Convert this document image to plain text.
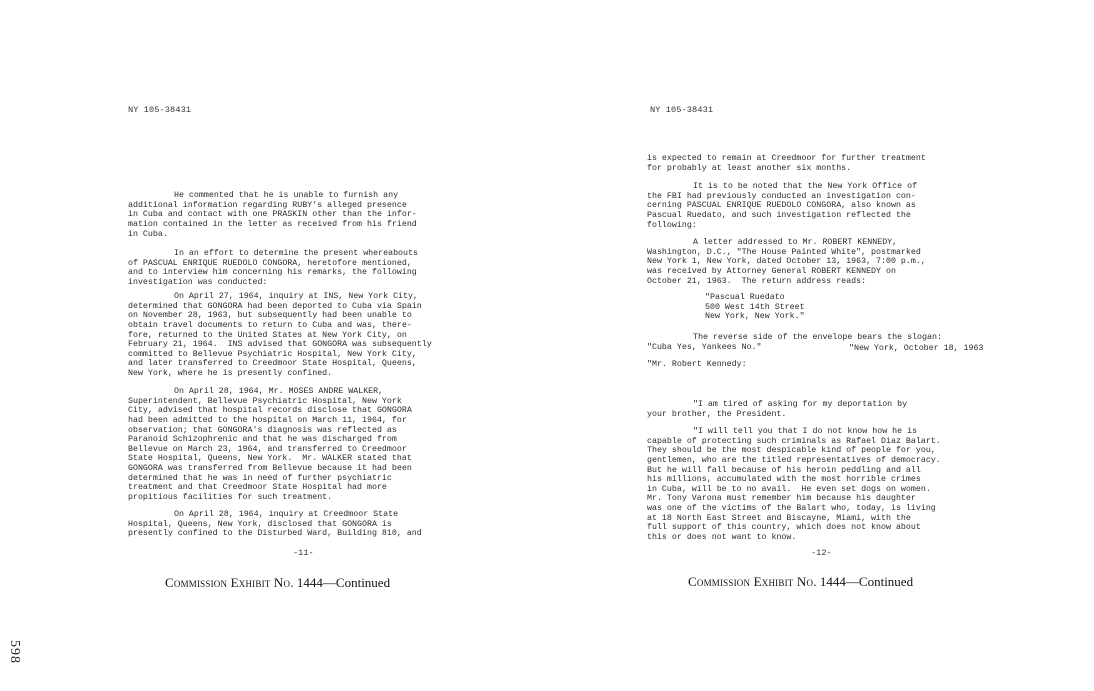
598
NY 105-38431

He commented that he is unable to furnish any
additional information regarding RUBY's alleged presence
in Cuba and contact with one PRASKIN other than the infor-
mation contained in the letter as received from his friend
in Cuba.

In an effort to determine the present whereabouts
of PASCUAL ENRIQUE RUEDOLO CONGORA, heretofore mentioned,
and to interview him concerning his remarks, the following
investigation was conducted:

On April 27, 1964, inquiry at INS, New York City,
determined that GONGORA had been deported to Cuba via Spain
on November 28, 1963, but subsequently had been unable to
obtain travel documents to return to Cuba and was, there-
fore, returned to the United States at New York City, on
February 21, 1964.  INS advised that GONGORA was subsequently
committed to Bellevue Psychiatric Hospital, New York City,
and later transferred to Creedmoor State Hospital, Queens,
New York, where he is presently confined.

On April 28, 1964, Mr. MOSES ANDRE WALKER,
Superintendent, Bellevue Psychiatric Hospital, New York
City, advised that hospital records disclose that GONGORA
had been admitted to the hospital on March 11, 1964, for
observation; that GONGORA's diagnosis was reflected as
Paranoid Schizophrenic and that he was discharged from
Bellevue on March 23, 1964, and transferred to Creedmoor
State Hospital, Queens, New York.  Mr. WALKER stated that
GONGORA was transferred from Bellevue because it had been
determined that he was in need of further psychiatric
treatment and that Creedmoor State Hospital had more
propitious facilities for such treatment.

On April 28, 1964, inquiry at Creedmoor State
Hospital, Queens, New York, disclosed that GONGORA is
presently confined to the Disturbed Ward, Building 810, and

-11-
Commission Exhibit No. 1444—Continued
NY 105-38431

is expected to remain at Creedmoor for further treatment
for probably at least another six months.

It is to be noted that the New York Office of
the FBI had previously conducted an investigation con-
cerning PASCUAL ENRIQUE RUEDOLO CONGORA, also known as
Pascual Ruedato, and such investigation reflected the
following:

A letter addressed to Mr. ROBERT KENNEDY,
Washington, D.C., "The House Painted White", postmarked
New York 1, New York, dated October 13, 1963, 7:00 p.m.,
was received by Attorney General ROBERT KENNEDY on
October 21, 1963.  The return address reads:

"Pascual Ruedato
500 West 14th Street
New York, New York."

The reverse side of the envelope bears the slogan:
"Cuba Yes, Yankees No."

	"New York, October 18, 1963
"Mr. Robert Kennedy:

"I am tired of asking for my deportation by
your brother, the President.

"I will tell you that I do not know how he is
capable of protecting such criminals as Rafael Diaz Balart.
They should be the most despicable kind of people for you,
gentlemen, who are the titled representatives of democracy.
But he will fall because of his heroin peddling and all
his millions, accumulated with the most horrible crimes
in Cuba, will be to no avail.  He even set dogs on women.
Mr. Tony Varona must remember him because his daughter
was one of the victims of the Balart who, today, is living
at 18 North East Street and Biscayne, Miami, with the
full support of this country, which does not know about
this or does not want to know.

-12-
Commission Exhibit No. 1444—Continued
